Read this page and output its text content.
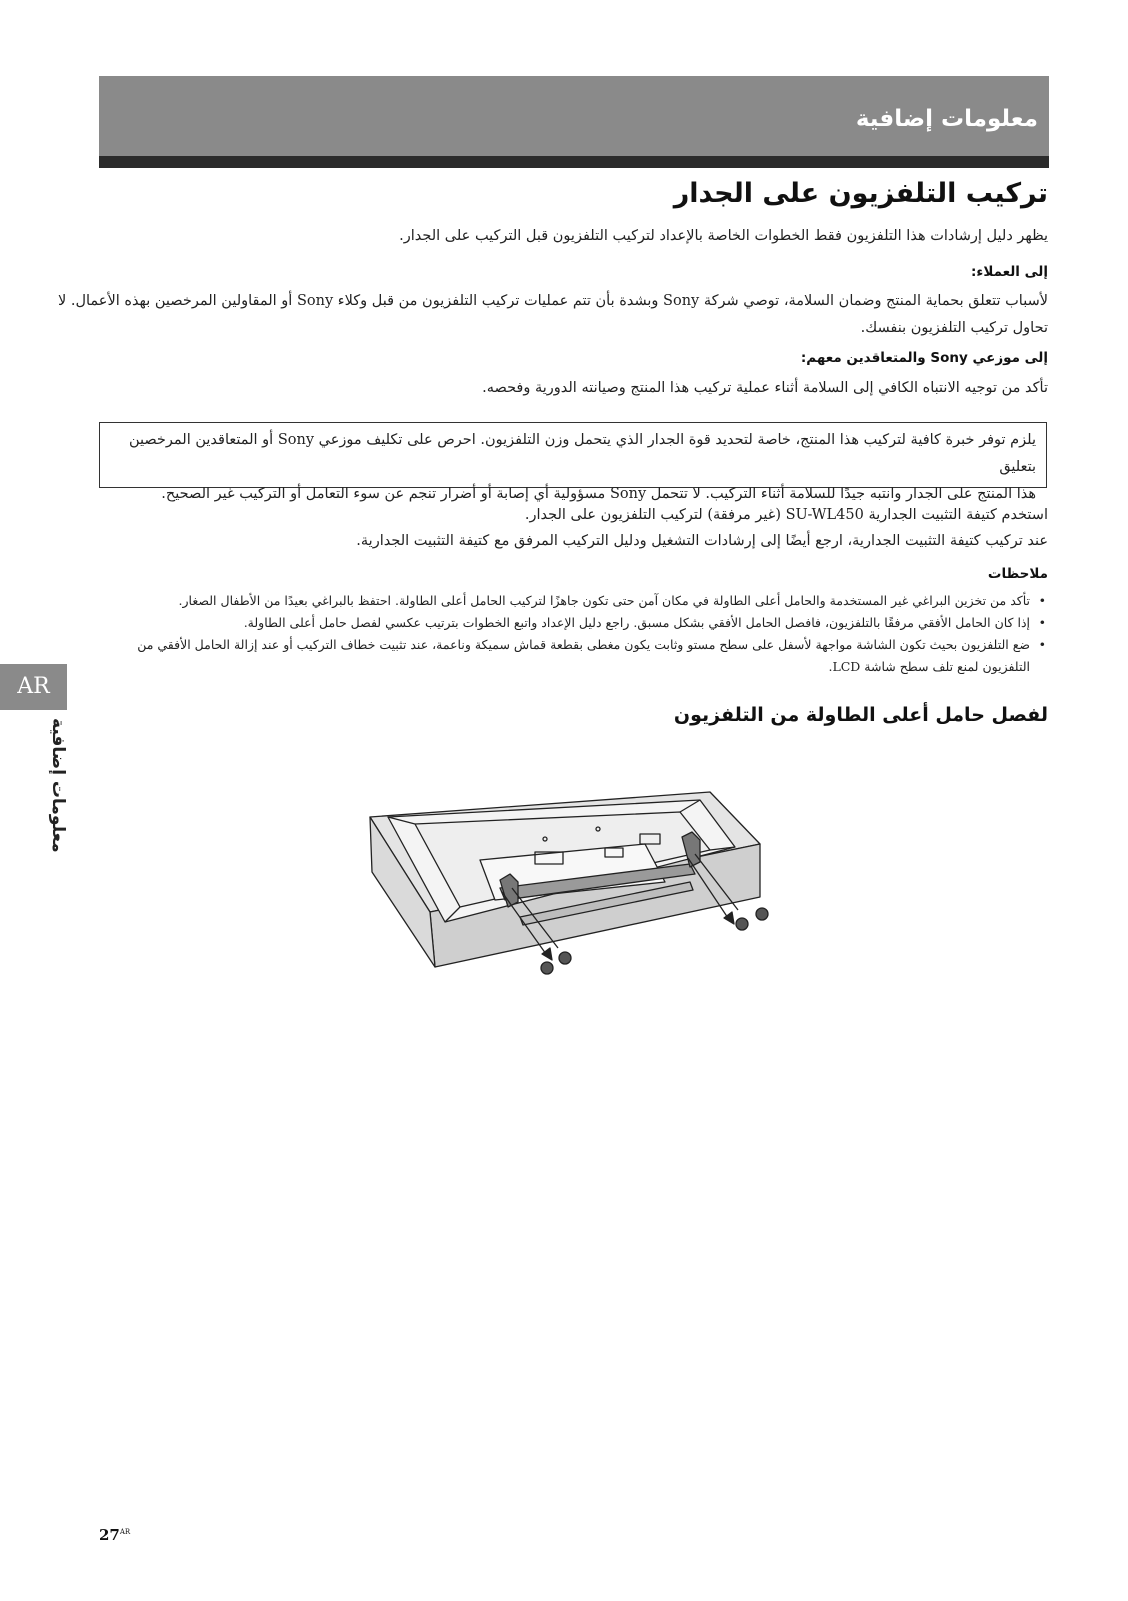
معلومات إضافية
تركيب التلفزيون على الجدار
يظهر دليل إرشادات هذا التلفزيون فقط الخطوات الخاصة بالإعداد لتركيب التلفزيون قبل التركيب على الجدار.
إلى العملاء:
لأسباب تتعلق بحماية المنتج وضمان السلامة، توصي شركة Sony وبشدة بأن تتم عمليات تركيب التلفزيون من قبل وكلاء Sony أو المقاولين المرخصين بهذه الأعمال. لا
تحاول تركيب التلفزيون بنفسك.
إلى موزعي Sony والمتعاقدين معهم:
تأكد من توجيه الانتباه الكافي إلى السلامة أثناء عملية تركيب هذا المنتج وصيانته الدورية وفحصه.
يلزم توفر خبرة كافية لتركيب هذا المنتج، خاصة لتحديد قوة الجدار الذي يتحمل وزن التلفزيون. احرص على تكليف موزعي Sony أو المتعاقدين المرخصين بتعليق
هذا المنتج على الجدار وانتبه جيدًا للسلامة أثناء التركيب. لا تتحمل Sony مسؤولية أي إصابة أو أضرار تنجم عن سوء التعامل أو التركيب غير الصحيح.
استخدم كتيفة التثبيت الجدارية SU-WL450 (غير مرفقة) لتركيب التلفزيون على الجدار.
عند تركيب كتيفة التثبيت الجدارية، ارجع أيضًا إلى إرشادات التشغيل ودليل التركيب المرفق مع كتيفة التثبيت الجدارية.
ملاحظات
• تأكد من تخزين البراغي غير المستخدمة والحامل أعلى الطاولة في مكان آمن حتى تكون جاهزًا لتركيب الحامل أعلى الطاولة. احتفظ بالبراغي بعيدًا من الأطفال الصغار.
• إذا كان الحامل الأفقي مرفقًا بالتلفزيون، فافصل الحامل الأفقي بشكل مسبق. راجع دليل الإعداد واتبع الخطوات بترتيب عكسي لفصل حامل أعلى الطاولة.
• ضع التلفزيون بحيث تكون الشاشة مواجهة لأسفل على سطح مستو وثابت يكون مغطى بقطعة قماش سميكة وناعمة، عند تثبيت خطاف التركيب أو عند إزالة الحامل الأفقي من التلفزيون لمنع تلف سطح شاشة LCD.
لفصل حامل أعلى الطاولة من التلفزيون
AR
معلومات إضافية
$27^{AR}$
